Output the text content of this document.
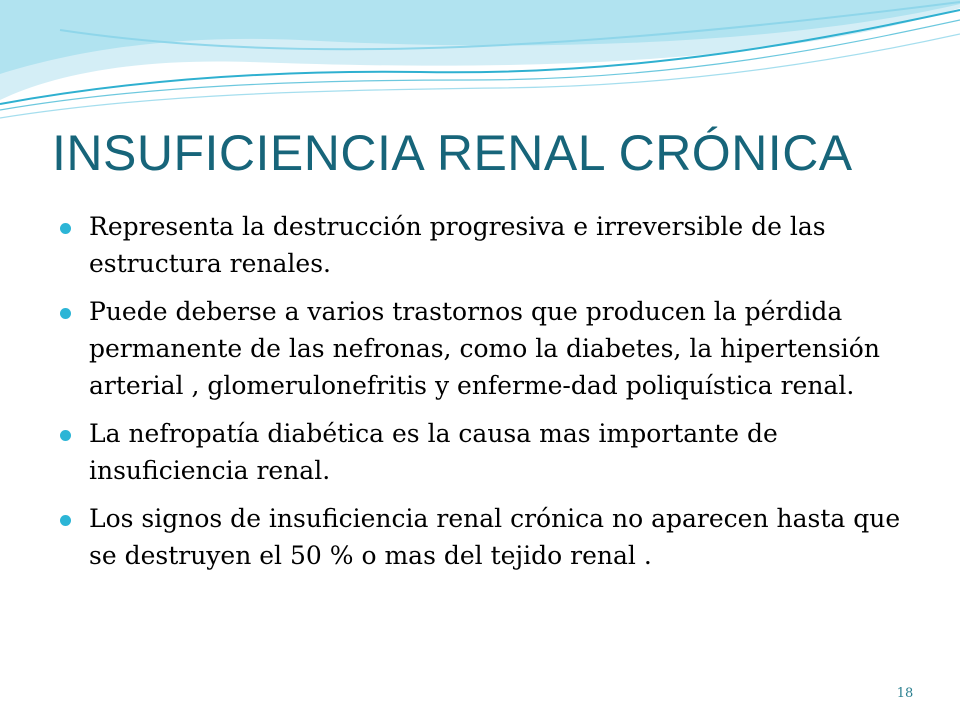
INSUFICIENCIA RENAL CRÓNICA
Representa la destrucción progresiva e irreversible de las estructura renales.
Puede deberse a varios trastornos que producen la pérdida permanente de las nefronas, como la diabetes, la hipertensión arterial , glomerulonefritis y enferme-dad poliquística renal.
La nefropatía diabética es la causa mas importante de insuficiencia renal.
Los signos de insuficiencia renal crónica no aparecen hasta que se destruyen el 50 % o mas del tejido renal .
18
